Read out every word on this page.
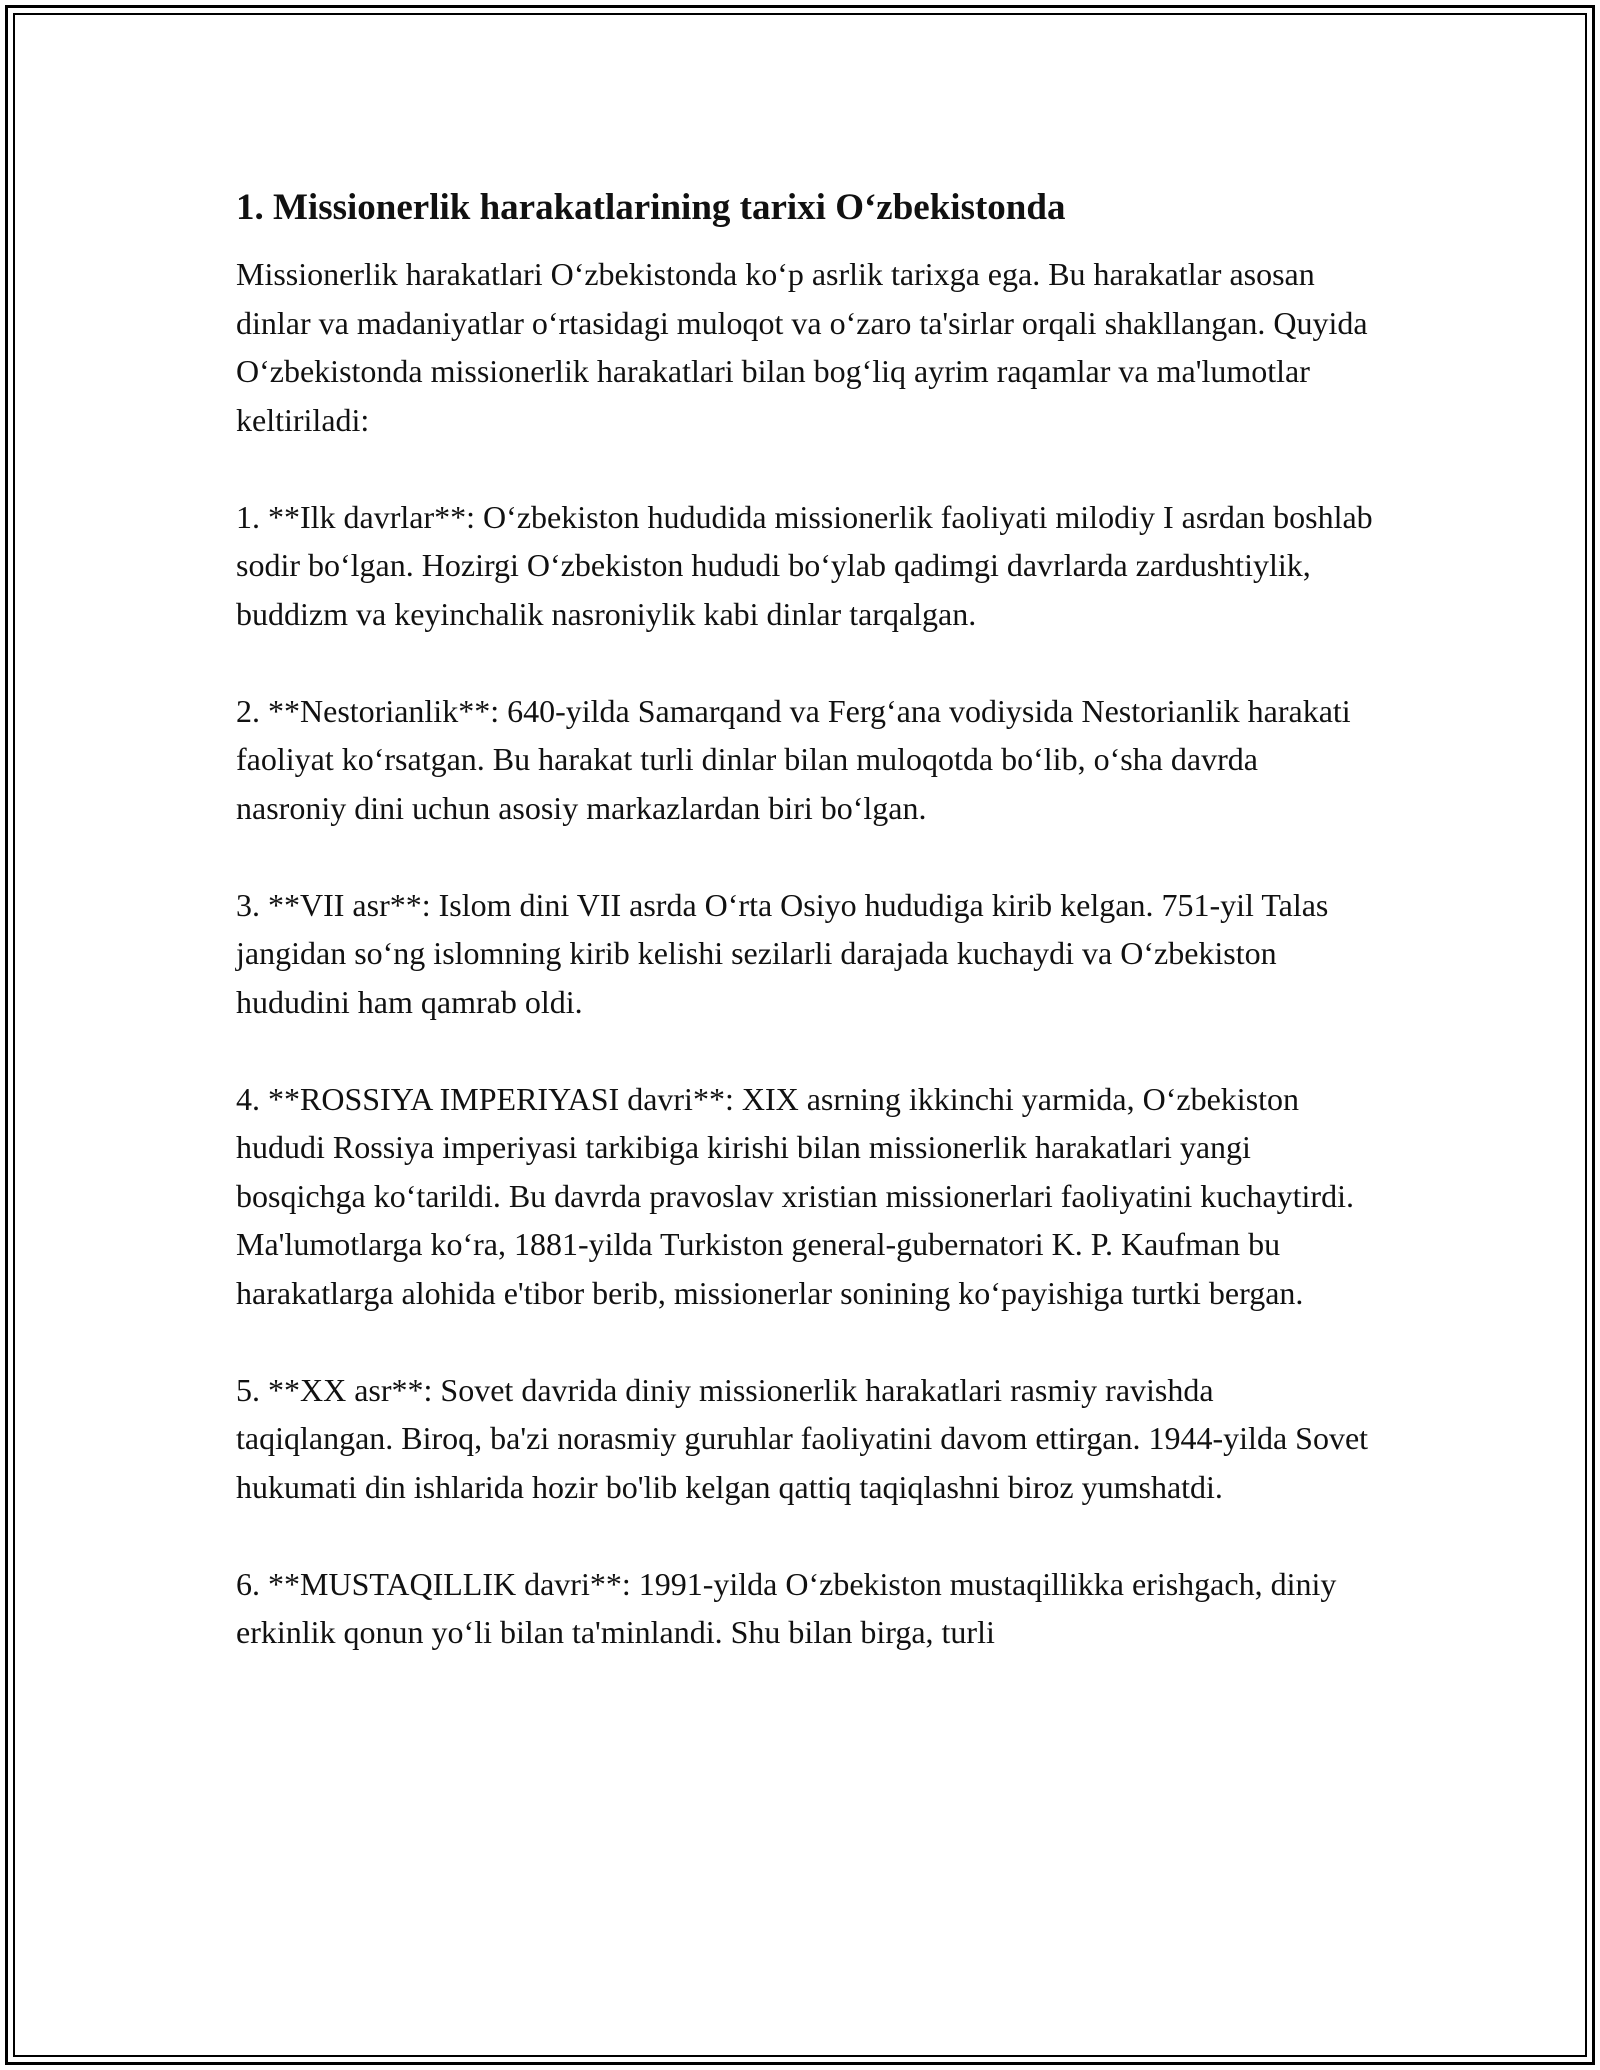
1. Missionerlik harakatlarining tarixi O‘zbekistonda

Missionerlik harakatlari O‘zbekistonda ko‘p asrlik tarixga ega. Bu harakatlar asosan dinlar va madaniyatlar o‘rtasidagi muloqot va o‘zaro ta'sirlar orqali shakllangan. Quyida O‘zbekistonda missionerlik harakatlari bilan bog‘liq ayrim raqamlar va ma'lumotlar keltiriladi:

1. **Ilk davrlar**: O‘zbekiston hududida missionerlik faoliyati milodiy I asrdan boshlab sodir bo‘lgan. Hozirgi O‘zbekiston hududi bo‘ylab qadimgi davrlarda zardushtiylik, buddizm va keyinchalik nasroniylik kabi dinlar tarqalgan.

2. **Nestorianlik**: 640-yilda Samarqand va Ferg‘ana vodiysida Nestorianlik harakati faoliyat ko‘rsatgan. Bu harakat turli dinlar bilan muloqotda bo‘lib, o‘sha davrda nasroniy dini uchun asosiy markazlardan biri bo‘lgan.

3. **VII asr**: Islom dini VII asrda O‘rta Osiyo hududiga kirib kelgan. 751-yil Talas jangidan so‘ng islomning kirib kelishi sezilarli darajada kuchaydi va O‘zbekiston hududini ham qamrab oldi.

4. **ROSSIYA IMPERIYASI davri**: XIX asrning ikkinchi yarmida, O‘zbekiston hududi Rossiya imperiyasi tarkibiga kirishi bilan missionerlik harakatlari yangi bosqichga ko‘tarildi. Bu davrda pravoslav xristian missionerlari faoliyatini kuchaytirdi. Ma'lumotlarga ko‘ra, 1881-yilda Turkiston general-gubernatori K. P. Kaufman bu harakatlarga alohida e'tibor berib, missionerlar sonining ko‘payishiga turtki bergan.

5. **XX asr**: Sovet davrida diniy missionerlik harakatlari rasmiy ravishda taqiqlangan. Biroq, ba'zi norasmiy guruhlar faoliyatini davom ettirgan. 1944-yilda Sovet hukumati din ishlarida hozir bo'lib kelgan qattiq taqiqlashni biroz yumshatdi.

6. **MUSTAQILLIK davri**: 1991-yilda O‘zbekiston mustaqillikka erishgach, diniy erkinlik qonun yo‘li bilan ta'minlandi. Shu bilan birga, turli
